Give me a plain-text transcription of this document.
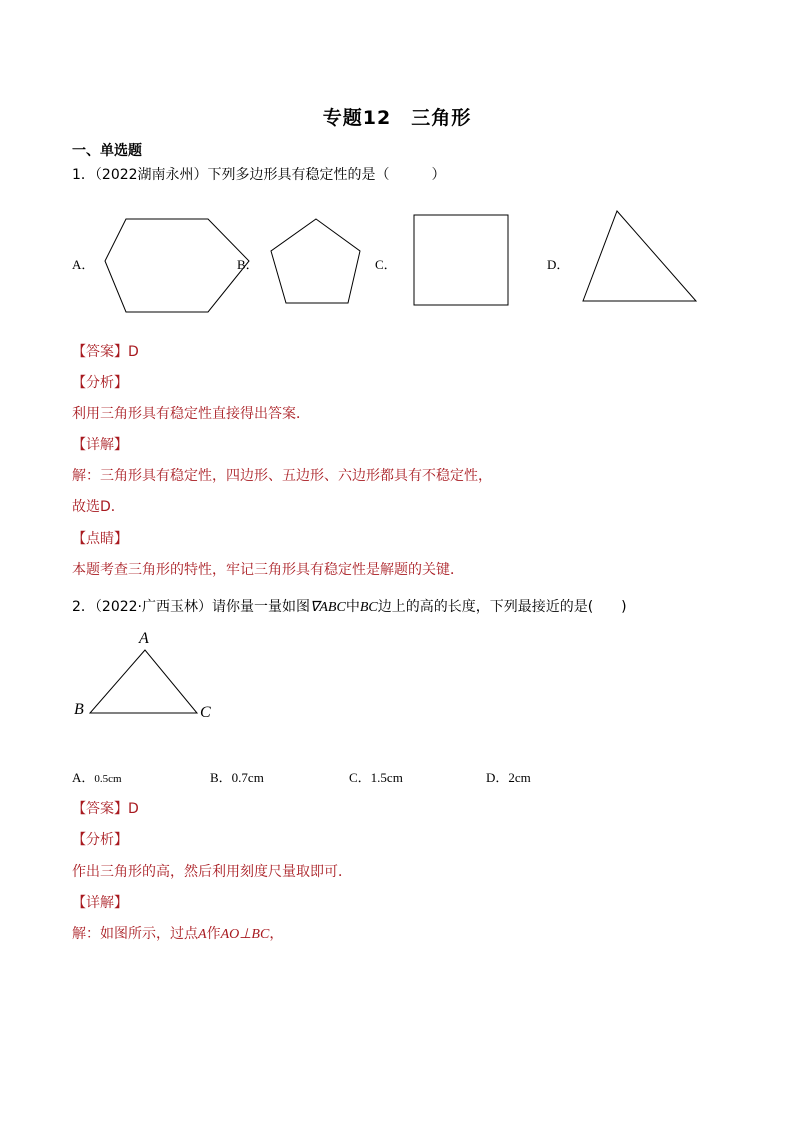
专题12　三角形
一、单选题
1．（2022湖南永州）下列多边形具有稳定性的是（　　　）
A．	B．	C．	D．
【答案】D
【分析】
利用三角形具有稳定性直接得出答案．
【详解】
解：三角形具有稳定性，四边形、五边形、六边形都具有不稳定性，
故选D．
【点睛】
本题考查三角形的特性，牢记三角形具有稳定性是解题的关键．
2．（2022·广西玉林）请你量一量如图∇ABC中BC边上的高的长度，下列最接近的是(　　)
A
B	C
A．0.5cm	B．0.7cm	C．1.5cm	D．2cm
【答案】D
【分析】
作出三角形的高，然后利用刻度尺量取即可．
【详解】
解：如图所示，过点A作AO⊥BC，
